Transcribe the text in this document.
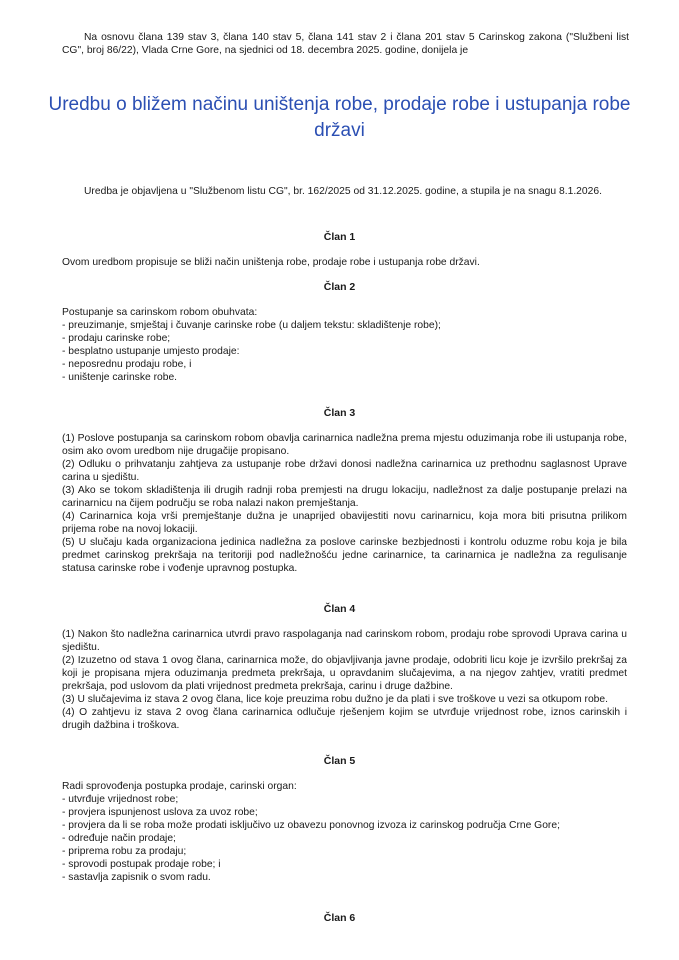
Na osnovu člana 139 stav 3, člana 140 stav 5, člana 141 stav 2 i člana 201 stav 5 Carinskog zakona ("Službeni list CG", broj 86/22), Vlada Crne Gore, na sjednici od 18. decembra 2025. godine, donijela je

Uredbu o bližem načinu uništenja robe, prodaje robe i ustupanja robe državi

Uredba je objavljena u "Službenom listu CG", br. 162/2025 od 31.12.2025. godine, a stupila je na snagu 8.1.2026.

Član 1

Ovom uredbom propisuje se bliži način uništenja robe, prodaje robe i ustupanja robe državi.

Član 2

Postupanje sa carinskom robom obuhvata:

- preuzimanje, smještaj i čuvanje carinske robe (u daljem tekstu: skladištenje robe);

- prodaju carinske robe;

- besplatno ustupanje umjesto prodaje:

- neposrednu prodaju robe, i

- uništenje carinske robe.

Član 3

(1) Poslove postupanja sa carinskom robom obavlja carinarnica nadležna prema mjestu oduzimanja robe ili ustupanja robe, osim ako ovom uredbom nije drugačije propisano.

(2) Odluku o prihvatanju zahtjeva za ustupanje robe državi donosi nadležna carinarnica uz prethodnu saglasnost Uprave carina u sjedištu.

(3) Ako se tokom skladištenja ili drugih radnji roba premjesti na drugu lokaciju, nadležnost za dalje postupanje prelazi na carinarnicu na čijem području se roba nalazi nakon premještanja.

(4) Carinarnica koja vrši premještanje dužna je unaprijed obavijestiti novu carinarnicu, koja mora biti prisutna prilikom prijema robe na novoj lokaciji.

(5) U slučaju kada organizaciona jedinica nadležna za poslove carinske bezbjednosti i kontrolu oduzme robu koja je bila predmet carinskog prekršaja na teritoriji pod nadležnošću jedne carinarnice, ta carinarnica je nadležna za regulisanje statusa carinske robe i vođenje upravnog postupka.

Član 4

(1) Nakon što nadležna carinarnica utvrdi pravo raspolaganja nad carinskom robom, prodaju robe sprovodi Uprava carina u sjedištu.

(2) Izuzetno od stava 1 ovog člana, carinarnica može, do objavljivanja javne prodaje, odobriti licu koje je izvršilo prekršaj za koji je propisana mjera oduzimanja predmeta prekršaja, u opravdanim slučajevima, a na njegov zahtjev, vratiti predmet prekršaja, pod uslovom da plati vrijednost predmeta prekršaja, carinu i druge dažbine.

(3) U slučajevima iz stava 2 ovog člana, lice koje preuzima robu dužno je da plati i sve troškove u vezi sa otkupom robe.

(4) O zahtjevu iz stava 2 ovog člana carinarnica odlučuje rješenjem kojim se utvrđuje vrijednost robe, iznos carinskih i drugih dažbina i troškova.

Član 5

Radi sprovođenja postupka prodaje, carinski organ:

- utvrđuje vrijednost robe;

- provjera ispunjenost uslova za uvoz robe;

- provjera da li se roba može prodati isključivo uz obavezu ponovnog izvoza iz carinskog područja Crne Gore;

- određuje način prodaje;

- priprema robu za prodaju;

- sprovodi postupak prodaje robe; i

- sastavlja zapisnik o svom radu.

Član 6
